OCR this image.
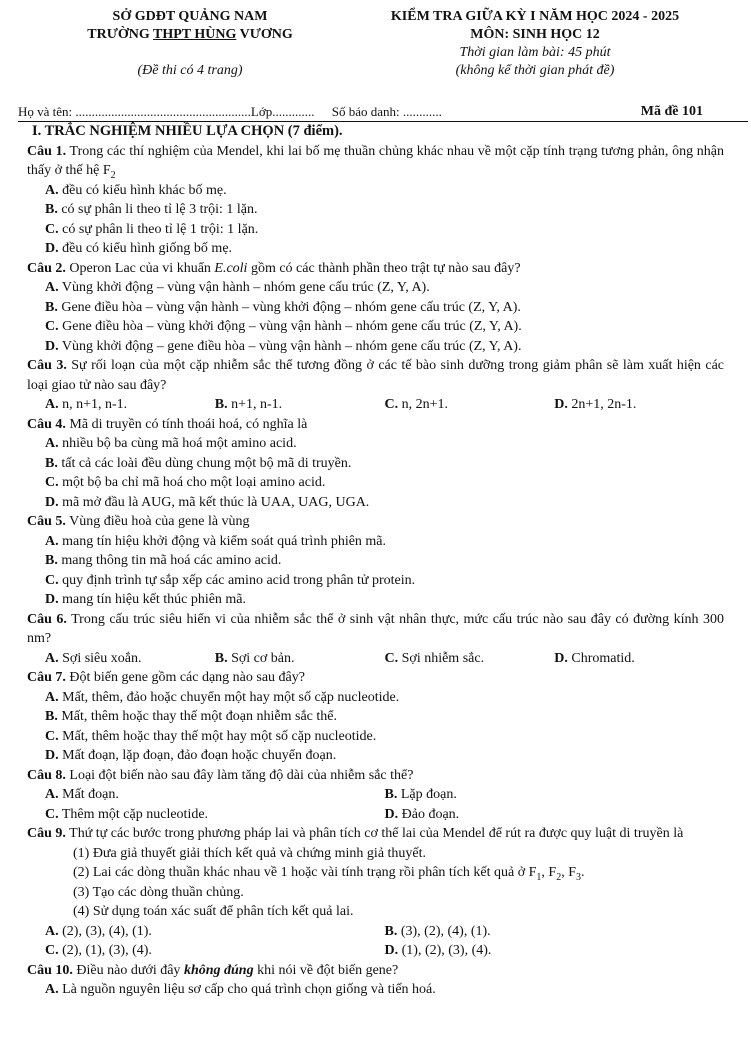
SỞ GDĐT QUẢNG NAM
TRƯỜNG THPT HÙNG VƯƠNG
(Đề thi có 4 trang)
KIỂM TRA GIỮA KỲ I NĂM HỌC 2024 - 2025
MÔN: SINH HỌC 12
Thời gian làm bài: 45 phút
(không kể thời gian phát đề)
Họ và tên: ......................................................Lớp............. Số báo danh: ............	Mã đề 101
I. TRẮC NGHIỆM NHIỀU LỰA CHỌN (7 điểm).
Câu 1. Trong các thí nghiệm của Mendel, khi lai bố mẹ thuần chủng khác nhau về một cặp tính trạng tương phản, ông nhận thấy ở thế hệ $F_2$
A. đều có kiểu hình khác bố mẹ.
B. có sự phân li theo tỉ lệ 3 trội: 1 lặn.
C. có sự phân li theo tỉ lệ 1 trội: 1 lặn.
D. đều có kiểu hình giống bố mẹ.
Câu 2. Operon Lac của vi khuẩn E.coli gồm có các thành phần theo trật tự nào sau đây?
A. Vùng khởi động – vùng vận hành – nhóm gene cấu trúc (Z, Y, A).
B. Gene điều hòa – vùng vận hành – vùng khởi động – nhóm gene cấu trúc (Z, Y, A).
C. Gene điều hòa – vùng khởi động – vùng vận hành – nhóm gene cấu trúc (Z, Y, A).
D. Vùng khởi động – gene điều hòa – vùng vận hành – nhóm gene cấu trúc (Z, Y, A).
Câu 3. Sự rối loạn của một cặp nhiễm sắc thể tương đồng ở các tế bào sinh dưỡng trong giảm phân sẽ làm xuất hiện các loại giao tử nào sau đây?
A. n, n+1, n-1.	B. n+1, n-1.	C. n, 2n+1.	D. 2n+1, 2n-1.
Câu 4. Mã di truyền có tính thoái hoá, có nghĩa là
A. nhiều bộ ba cùng mã hoá một amino acid.
B. tất cả các loài đều dùng chung một bộ mã di truyền.
C. một bộ ba chỉ mã hoá cho một loại amino acid.
D. mã mở đầu là AUG, mã kết thúc là UAA, UAG, UGA.
Câu 5. Vùng điều hoà của gene là vùng
A. mang tín hiệu khởi động và kiểm soát quá trình phiên mã.
B. mang thông tin mã hoá các amino acid.
C. quy định trình tự sắp xếp các amino acid trong phân tử protein.
D. mang tín hiệu kết thúc phiên mã.
Câu 6. Trong cấu trúc siêu hiển vi của nhiễm sắc thể ở sinh vật nhân thực, mức cấu trúc nào sau đây có đường kính 300 nm?
A. Sợi siêu xoắn.	B. Sợi cơ bản.	C. Sợi nhiễm sắc.	D. Chromatid.
Câu 7. Đột biến gene gồm các dạng nào sau đây?
A. Mất, thêm, đảo hoặc chuyển một hay một số cặp nucleotide.
B. Mất, thêm hoặc thay thế một đoạn nhiễm sắc thể.
C. Mất, thêm hoặc thay thế một hay một số cặp nucleotide.
D. Mất đoạn, lặp đoạn, đảo đoạn hoặc chuyển đoạn.
Câu 8. Loại đột biến nào sau đây làm tăng độ dài của nhiễm sắc thể?
A. Mất đoạn.	B. Lặp đoạn.
C. Thêm một cặp nucleotide.	D. Đảo đoạn.
Câu 9. Thứ tự các bước trong phương pháp lai và phân tích cơ thể lai của Mendel để rút ra được quy luật di truyền là
(1) Đưa giả thuyết giải thích kết quả và chứng minh giả thuyết.
(2) Lai các dòng thuần khác nhau về 1 hoặc vài tính trạng rồi phân tích kết quả ở $F_1$, $F_2$, $F_3$.
(3) Tạo các dòng thuần chủng.
(4) Sử dụng toán xác suất để phân tích kết quả lai.
A. (2), (3), (4), (1).	B. (3), (2), (4), (1).
C. (2), (1), (3), (4).	D. (1), (2), (3), (4).
Câu 10. Điều nào dưới đây không đúng khi nói về đột biến gene?
A. Là nguồn nguyên liệu sơ cấp cho quá trình chọn giống và tiến hoá.
